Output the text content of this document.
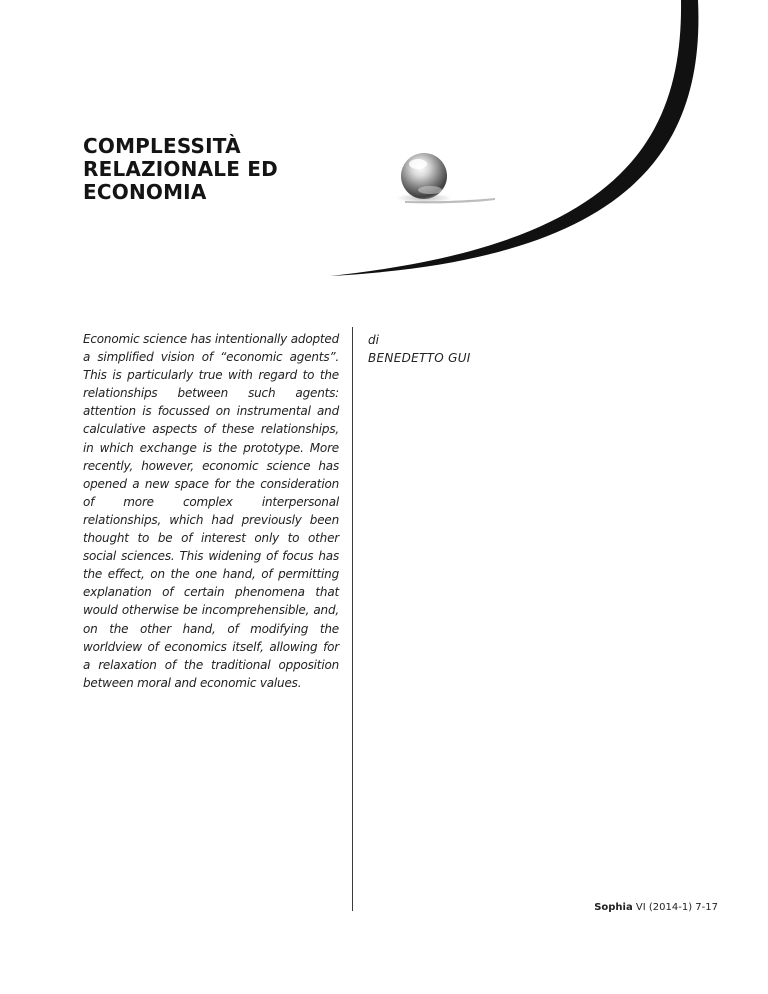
COMPLESSITÀ
RELAZIONALE ED
ECONOMIA

Economic science has intentionally adopted a simplified vision of “economic agents”. This is particularly true with regard to the relationships between such agents: attention is focussed on instrumental and calculative aspects of these relationships, in which exchange is the prototype. More recently, however, economic science has opened a new space for the consideration of more complex interpersonal relationships, which had previously been thought to be of interest only to other social sciences. This widening of focus has the effect, on the one hand, of permitting explanation of certain phenomena that would otherwise be incomprehensible, and, on the other hand, of modifying the worldview of economics itself, allowing for a relaxation of the traditional opposition between moral and economic values.

di
BENEDETTO GUI
Sophia VI (2014-1) 7-17
